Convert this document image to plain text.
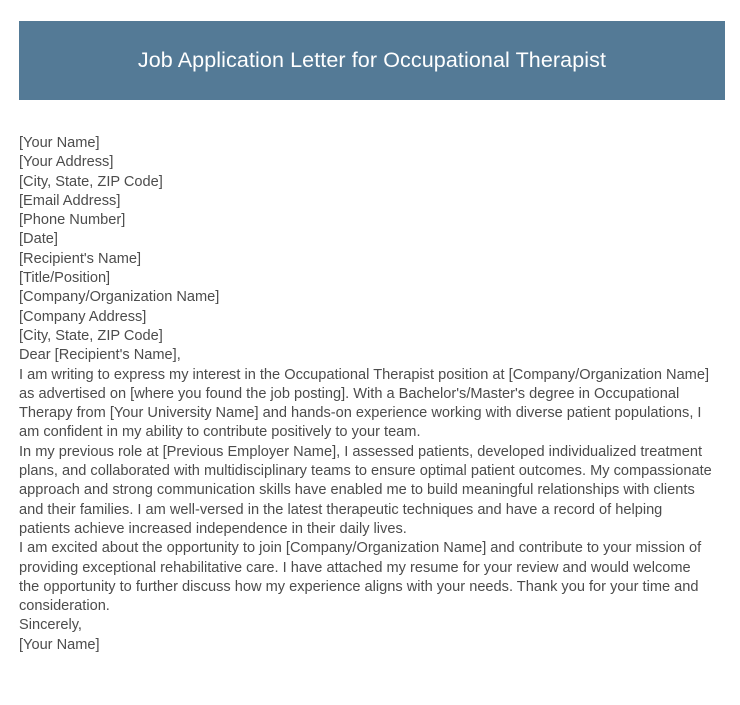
Job Application Letter for Occupational Therapist
[Your Name]
[Your Address]
[City, State, ZIP Code]
[Email Address]
[Phone Number]
[Date]
[Recipient's Name]
[Title/Position]
[Company/Organization Name]
[Company Address]
[City, State, ZIP Code]
Dear [Recipient's Name],
I am writing to express my interest in the Occupational Therapist position at [Company/Organization Name] as advertised on [where you found the job posting]. With a Bachelor's/Master's degree in Occupational Therapy from [Your University Name] and hands-on experience working with diverse patient populations, I am confident in my ability to contribute positively to your team.
In my previous role at [Previous Employer Name], I assessed patients, developed individualized treatment plans, and collaborated with multidisciplinary teams to ensure optimal patient outcomes. My compassionate approach and strong communication skills have enabled me to build meaningful relationships with clients and their families. I am well-versed in the latest therapeutic techniques and have a record of helping patients achieve increased independence in their daily lives.
I am excited about the opportunity to join [Company/Organization Name] and contribute to your mission of providing exceptional rehabilitative care. I have attached my resume for your review and would welcome the opportunity to further discuss how my experience aligns with your needs. Thank you for your time and consideration.
Sincerely,
[Your Name]
